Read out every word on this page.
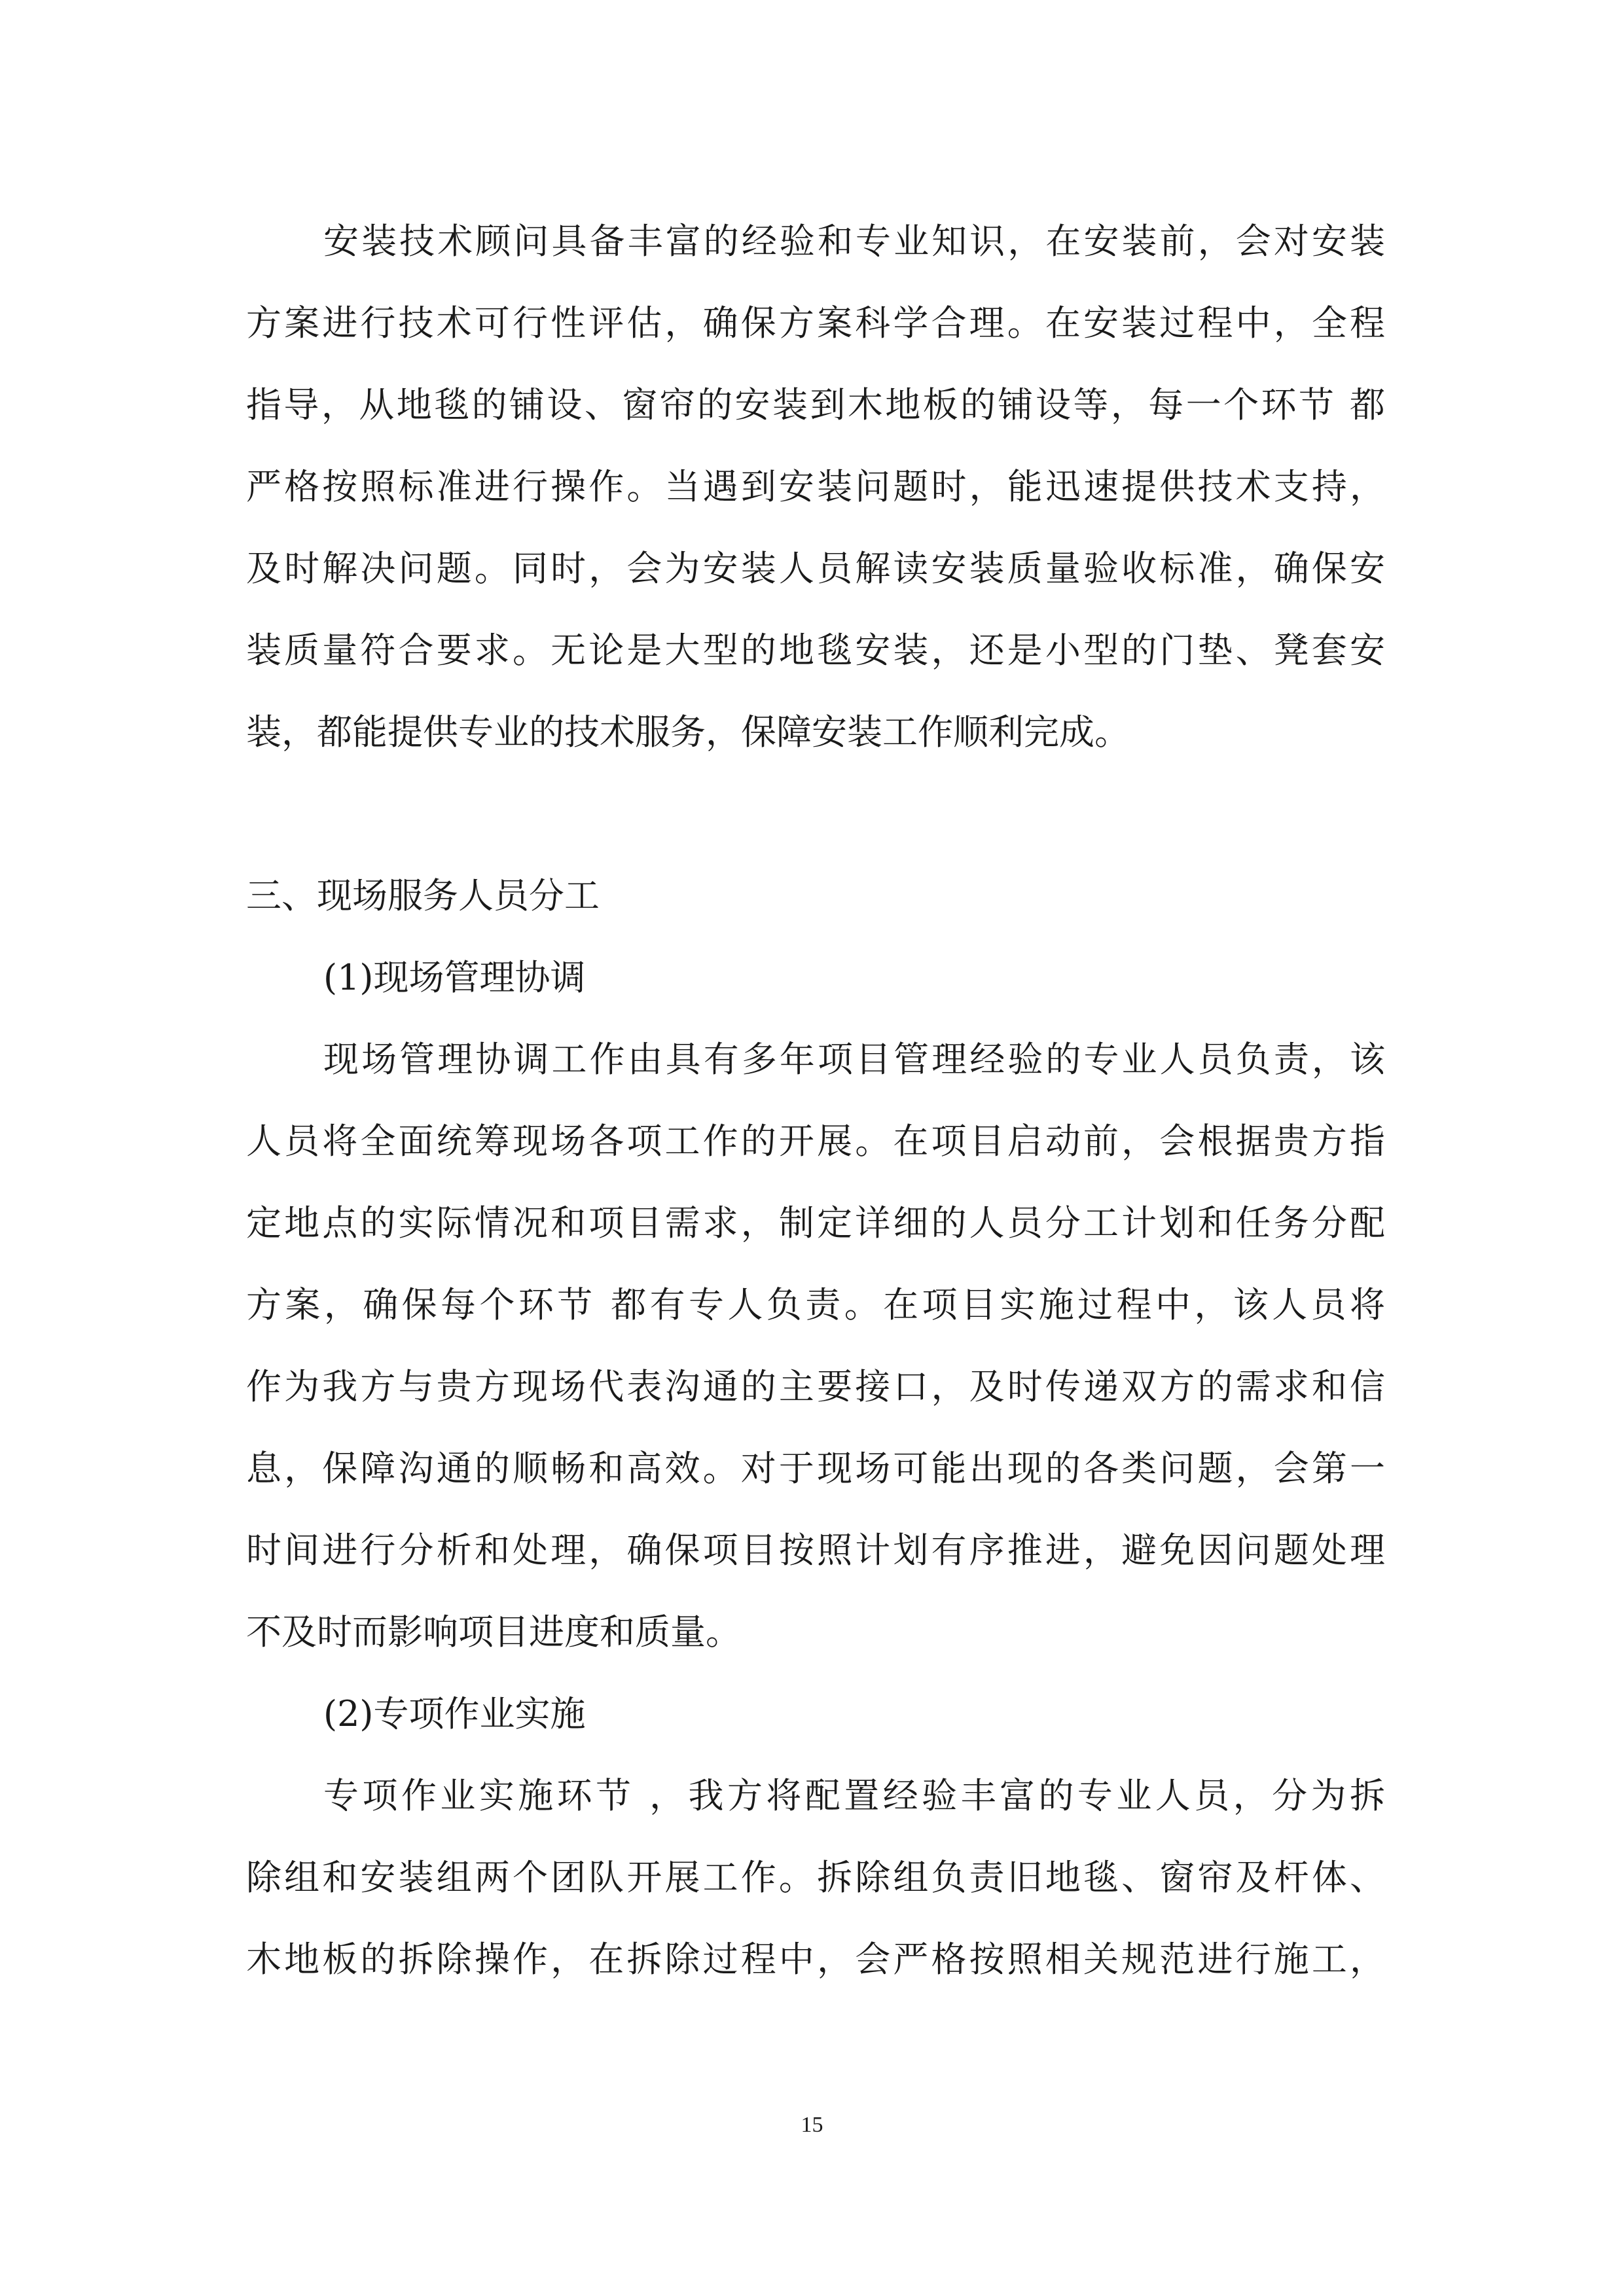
安装技术顾问具备丰富的经验和专业知识，在安装前，会对安装
方案进行技术可行性评估，确保方案科学合理。在安装过程中，全程
指导，从地毯的铺设、窗帘的安装到木地板的铺设等，每一个环节 都
严格按照标准进行操作。当遇到安装问题时，能迅速提供技术支持，
及时解决问题。同时，会为安装人员解读安装质量验收标准，确保安
装质量符合要求。无论是大型的地毯安装，还是小型的门垫、凳套安
装，都能提供专业的技术服务，保障安装工作顺利完成。
三、现场服务人员分工
(1)现场管理协调
现场管理协调工作由具有多年项目管理经验的专业人员负责，该
人员将全面统筹现场各项工作的开展。在项目启动前，会根据贵方指
定地点的实际情况和项目需求，制定详细的人员分工计划和任务分配
方案，确保每个环节 都有专人负责。在项目实施过程中，该人员将
作为我方与贵方现场代表沟通的主要接口，及时传递双方的需求和信
息，保障沟通的顺畅和高效。对于现场可能出现的各类问题，会第一
时间进行分析和处理，确保项目按照计划有序推进，避免因问题处理
不及时而影响项目进度和质量。
(2)专项作业实施
专项作业实施环节 ，我方将配置经验丰富的专业人员，分为拆
除组和安装组两个团队开展工作。拆除组负责旧地毯、窗帘及杆体、
木地板的拆除操作，在拆除过程中，会严格按照相关规范进行施工，
15
